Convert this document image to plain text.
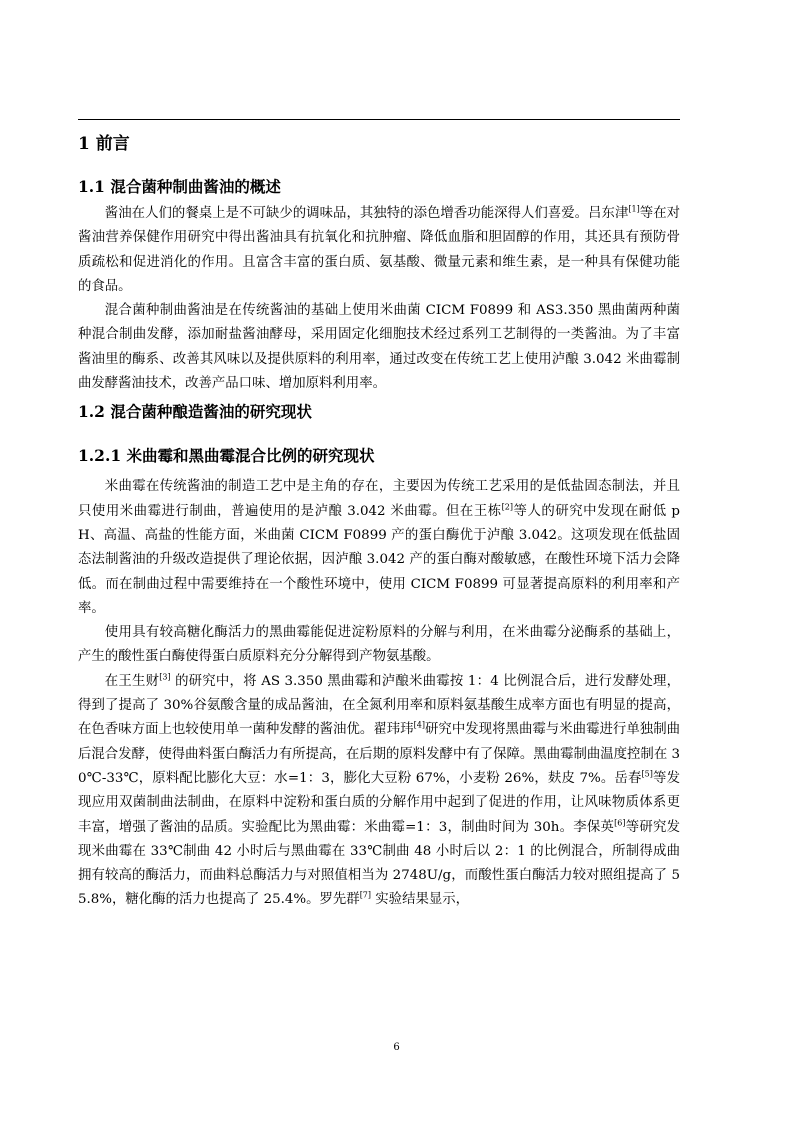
1 前言
1.1 混合菌种制曲酱油的概述

酱油在人们的餐桌上是不可缺少的调味品，其独特的添色增香功能深得人们喜爱。吕东津[1]等在对酱油营养保健作用研究中得出酱油具有抗氧化和抗肿瘤、降低血脂和胆固醇的作用，其还具有预防骨质疏松和促进消化的作用。且富含丰富的蛋白质、氨基酸、微量元素和维生素，是一种具有保健功能的食品。

混合菌种制曲酱油是在传统酱油的基础上使用米曲菌 CICM F0899 和 AS3.350 黑曲菌两种菌种混合制曲发酵，添加耐盐酱油酵母，采用固定化细胞技术经过系列工艺制得的一类酱油。为了丰富酱油里的酶系、改善其风味以及提供原料的利用率，通过改变在传统工艺上使用泸酿 3.042 米曲霉制曲发酵酱油技术，改善产品口味、增加原料利用率。

1.2 混合菌种酿造酱油的研究现状
1.2.1 米曲霉和黑曲霉混合比例的研究现状

米曲霉在传统酱油的制造工艺中是主角的存在，主要因为传统工艺采用的是低盐固态制法，并且只使用米曲霉进行制曲，普遍使用的是泸酿 3.042 米曲霉。但在王栋[2]等人的研究中发现在耐低 pH、高温、高盐的性能方面，米曲菌 CICM F0899 产的蛋白酶优于泸酿 3.042。这项发现在低盐固态法制酱油的升级改造提供了理论依据，因泸酿 3.042 产的蛋白酶对酸敏感，在酸性环境下活力会降低。而在制曲过程中需要维持在一个酸性环境中，使用 CICM F0899 可显著提高原料的利用率和产率。

使用具有较高糖化酶活力的黑曲霉能促进淀粉原料的分解与利用，在米曲霉分泌酶系的基础上，产生的酸性蛋白酶使得蛋白质原料充分分解得到产物氨基酸。

在王生财[3] 的研究中，将 AS 3.350 黑曲霉和泸酿米曲霉按 1：4 比例混合后，进行发酵处理，得到了提高了 30%谷氨酸含量的成品酱油，在全氮利用率和原料氨基酸生成率方面也有明显的提高，在色香味方面上也较使用单一菌种发酵的酱油优。翟玮玮[4]研究中发现将黑曲霉与米曲霉进行单独制曲后混合发酵，使得曲料蛋白酶活力有所提高，在后期的原料发酵中有了保障。黑曲霉制曲温度控制在 30℃-33℃，原料配比膨化大豆：水=1：3，膨化大豆粉 67%，小麦粉 26%，麸皮 7%。岳春[5]等发现应用双菌制曲法制曲，在原料中淀粉和蛋白质的分解作用中起到了促进的作用，让风味物质体系更丰富，增强了酱油的品质。实验配比为黑曲霉：米曲霉=1：3，制曲时间为 30h。李保英[6]等研究发现米曲霉在 33℃制曲 42 小时后与黑曲霉在 33℃制曲 48 小时后以 2：1 的比例混合，所制得成曲拥有较高的酶活力，而曲料总酶活力与对照值相当为 2748U/g，而酸性蛋白酶活力较对照组提高了 55.8%，糖化酶的活力也提高了 25.4%。罗先群[7] 实验结果显示，

6
